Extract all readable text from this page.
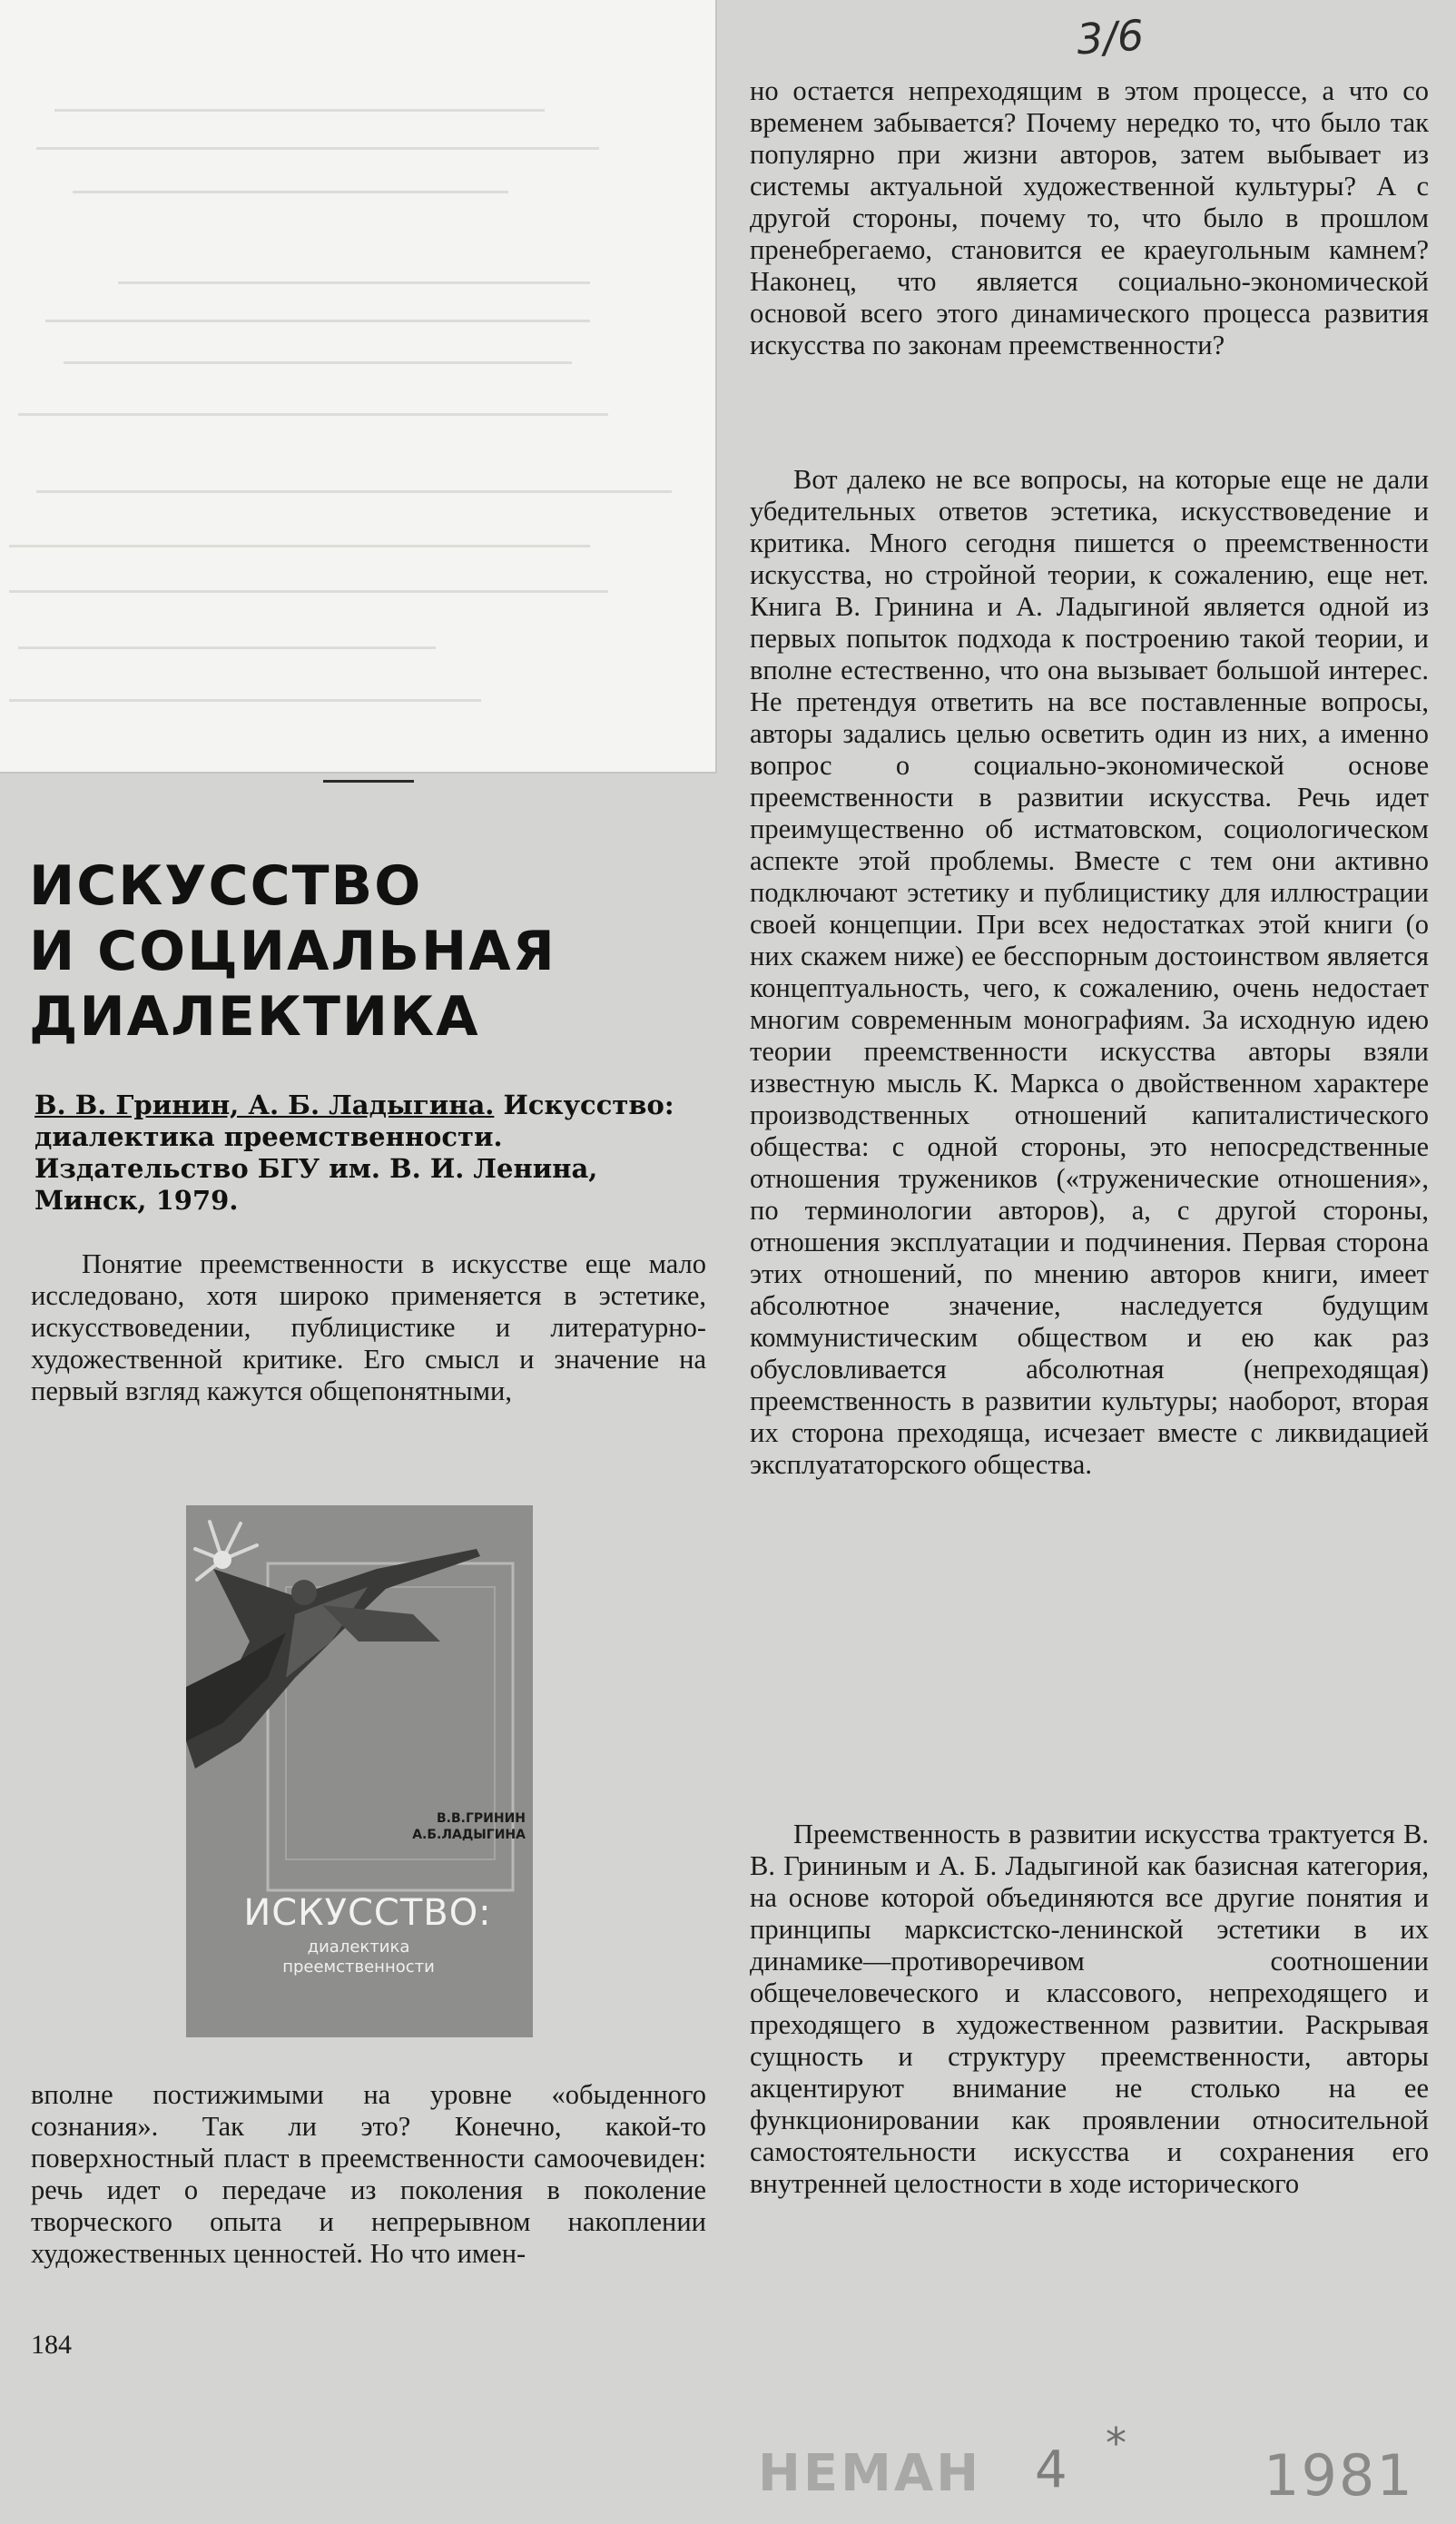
3/6

ИСКУССТВО
И СОЦИАЛЬНАЯ
ДИАЛЕКТИКА

В. В. Гринин, А. Б. Ладыгина. Искусство: диалектика преемственности. Издательство БГУ им. В. И. Ленина, Минск, 1979.

Понятие преемственности в искусстве еще мало исследовано, хотя широко применяется в эстетике, искусствоведении, публицистике и литературно-художественной критике. Его смысл и значение на первый взгляд кажутся общепонятными,

В.В.ГРИНИН
А.Б.ЛАДЫГИНА
ИСКУССТВО:
диалектика преемственности

вполне постижимыми на уровне «обыденного сознания». Так ли это? Конечно, какой-то поверхностный пласт в преемственности самоочевиден: речь идет о передаче из поколения в поколение творческого опыта и непрерывном накоплении художественных ценностей. Но что имен-

но остается непреходящим в этом процессе, а что со временем забывается? Почему нередко то, что было так популярно при жизни авторов, затем выбывает из системы актуальной художественной культуры? А с другой стороны, почему то, что было в прошлом пренебрегаемо, становится ее краеугольным камнем? Наконец, что является социально-экономической основой всего этого динамического процесса развития искусства по законам преемственности?

Вот далеко не все вопросы, на которые еще не дали убедительных ответов эстетика, искусствоведение и критика. Много сегодня пишется о преемственности искусства, но стройной теории, к сожалению, еще нет. Книга В. Гринина и А. Ладыгиной является одной из первых попыток подхода к построению такой теории, и вполне естественно, что она вызывает большой интерес. Не претендуя ответить на все поставленные вопросы, авторы задались целью осветить один из них, а именно вопрос о социально-экономической основе преемственности в развитии искусства. Речь идет преимущественно об истматовском, социологическом аспекте этой проблемы. Вместе с тем они активно подключают эстетику и публицистику для иллюстрации своей концепции. При всех недостатках этой книги (о них скажем ниже) ее бесспорным достоинством является концептуальность, чего, к сожалению, очень недостает многим современным монографиям. За исходную идею теории преемственности искусства авторы взяли известную мысль К. Маркса о двойственном характере производственных отношений капиталистического общества: с одной стороны, это непосредственные отношения тружеников («труженические отношения», по терминологии авторов), а, с другой стороны, отношения эксплуатации и подчинения. Первая сторона этих отношений, по мнению авторов книги, имеет абсолютное значение, наследуется будущим коммунистическим обществом и ею как раз обусловливается абсолютная (непреходящая) преемственность в развитии культуры; наоборот, вторая их сторона преходяща, исчезает вместе с ликвидацией эксплуататорского общества.

Преемственность в развитии искусства трактуется В. В. Грининым и А. Б. Ладыгиной как базисная категория, на основе которой объединяются все другие понятия и принципы марксистско-ленинской эстетики в их динамике—противоречивом соотношении общечеловеческого и классового, непреходящего и преходящего в художественном развитии. Раскрывая сущность и структуру преемственности, авторы акцентируют внимание не столько на ее функционировании как проявлении относительной самостоятельности искусства и сохранения его внутренней целостности в ходе исторического

184

НЕМАН 4 * 1981
